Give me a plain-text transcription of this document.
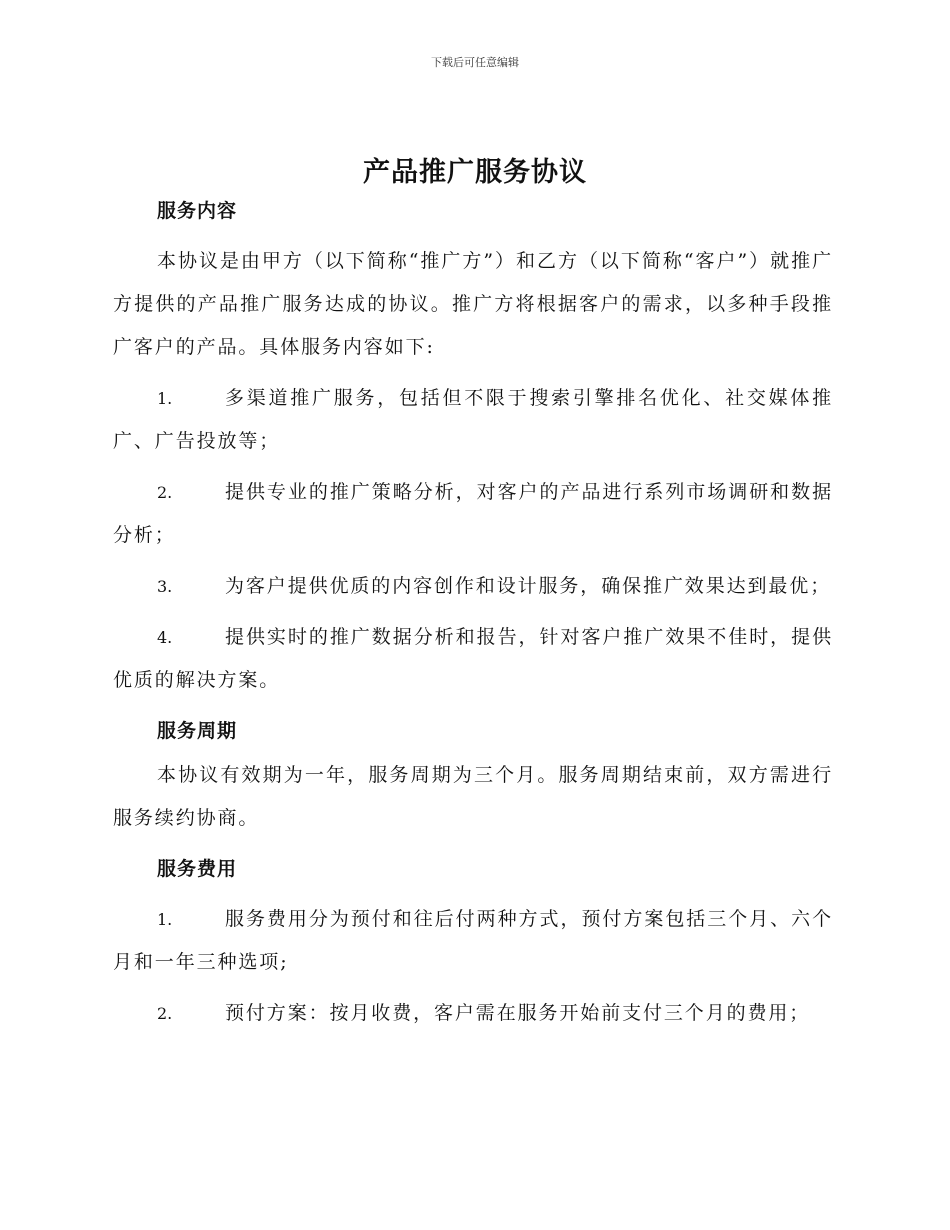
下载后可任意编辑
产品推广服务协议
服务内容

本协议是由甲方（以下简称“推广方”）和乙方（以下简称“客户”）就推广方提供的产品推广服务达成的协议。推广方将根据客户的需求，以多种手段推广客户的产品。具体服务内容如下:

1.	多渠道推广服务，包括但不限于搜索引擎排名优化、社交媒体推广、广告投放等；
2.	提供专业的推广策略分析，对客户的产品进行系列市场调研和数据分析；
3.	为客户提供优质的内容创作和设计服务，确保推广效果达到最优；
4.	提供实时的推广数据分析和报告，针对客户推广效果不佳时，提供优质的解决方案。
服务周期

本协议有效期为一年，服务周期为三个月。服务周期结束前，双方需进行服务续约协商。

服务费用
1.	服务费用分为预付和往后付两种方式，预付方案包括三个月、六个月和一年三种选项;
2.	预付方案：按月收费，客户需在服务开始前支付三个月的费用；
